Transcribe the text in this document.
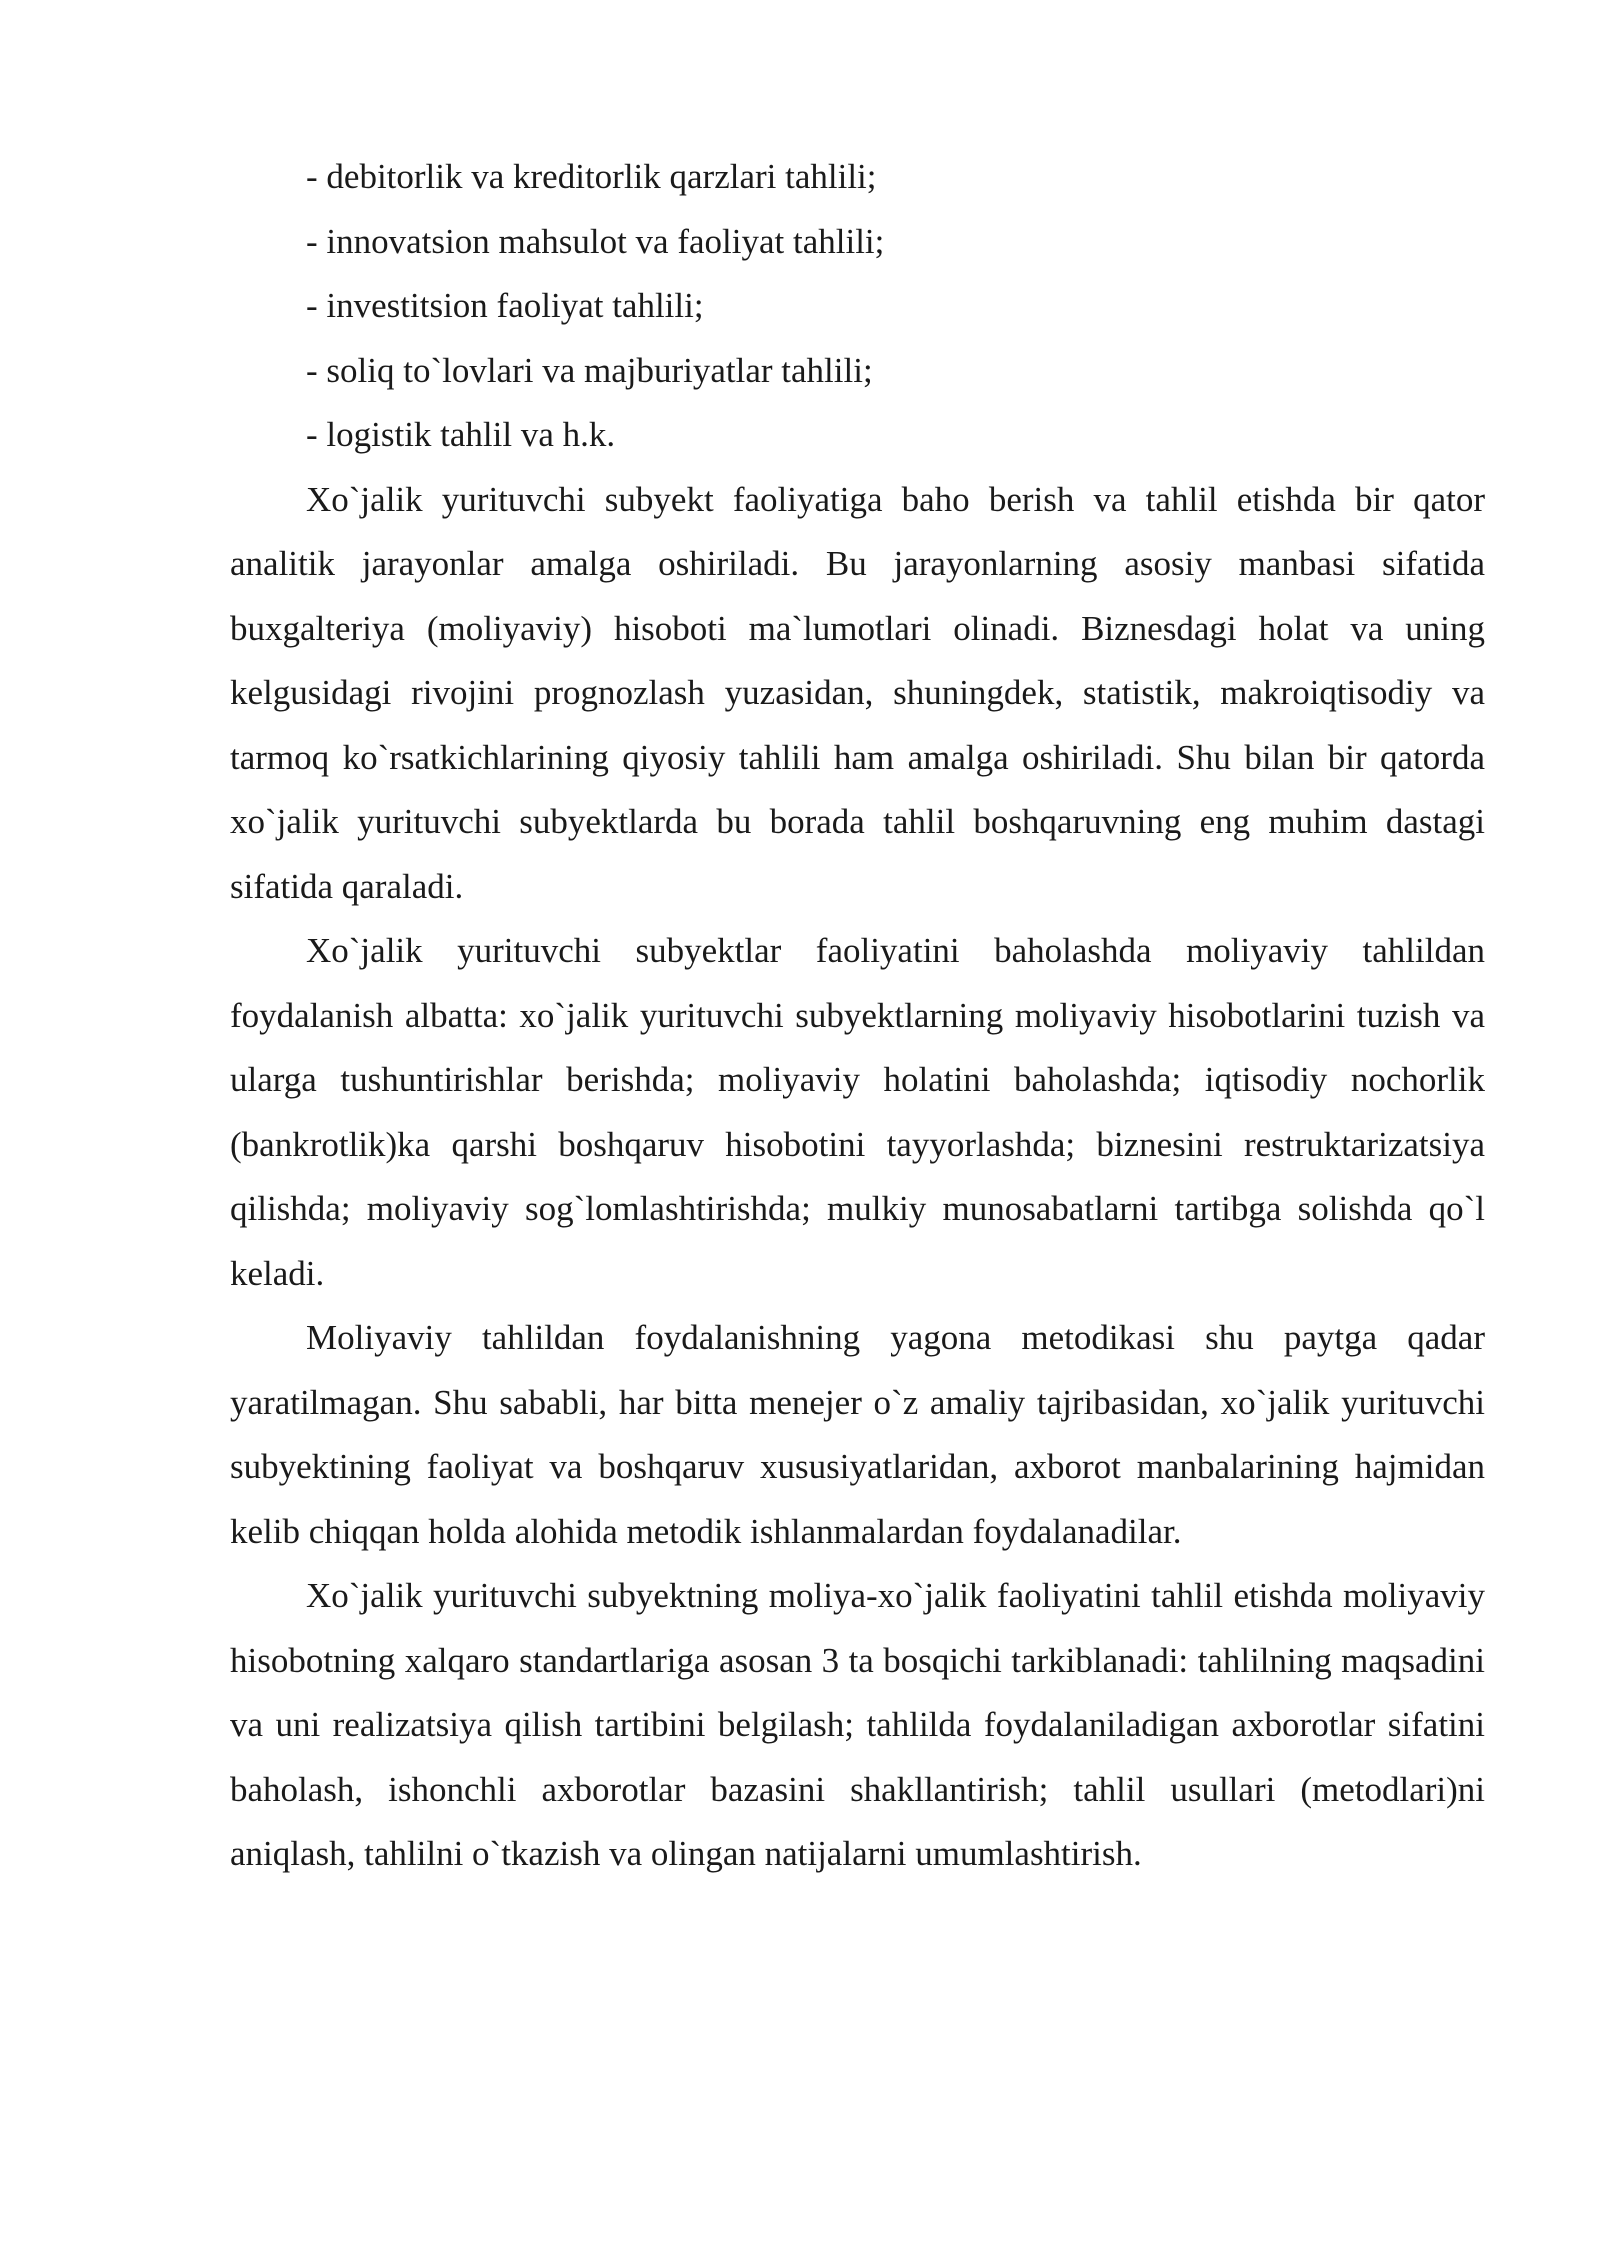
- debitorlik va kreditorlik qarzlari tahlili;

- innovatsion mahsulot va faoliyat tahlili;

- investitsion faoliyat tahlili;

- soliq to`lovlari va majburiyatlar tahlili;

- logistik tahlil va h.k.

Xo`jalik yurituvchi subyekt faoliyatiga baho berish va tahlil etishda bir qator analitik jarayonlar amalga oshiriladi. Bu jarayonlarning asosiy manbasi sifatida buxgalteriya (moliyaviy) hisoboti ma`lumotlari olinadi. Biznesdagi holat va uning kelgusidagi rivojini prognozlash yuzasidan, shuningdek, statistik, makroiqtisodiy va tarmoq ko`rsatkichlarining qiyosiy tahlili ham amalga oshiriladi. Shu bilan bir qatorda xo`jalik yurituvchi subyektlarda bu borada tahlil boshqaruvning eng muhim dastagi sifatida qaraladi.

Xo`jalik yurituvchi subyektlar faoliyatini baholashda moliyaviy tahlildan foydalanish albatta: xo`jalik yurituvchi subyektlarning moliyaviy hisobotlarini tuzish va ularga tushuntirishlar berishda; moliyaviy holatini baholashda; iqtisodiy nochorlik (bankrotlik)ka qarshi boshqaruv hisobotini tayyorlashda; biznesini restruktarizatsiya qilishda; moliyaviy sog`lomlashtirishda; mulkiy munosabatlarni tartibga solishda qo`l keladi.

Moliyaviy tahlildan foydalanishning yagona metodikasi shu paytga qadar yaratilmagan. Shu sababli, har bitta menejer o`z amaliy tajribasidan, xo`jalik yurituvchi subyektining faoliyat va boshqaruv xususiyatlaridan, axborot manbalarining hajmidan kelib chiqqan holda alohida metodik ishlanmalardan foydalanadilar.

Xo`jalik yurituvchi subyektning moliya-xo`jalik faoliyatini tahlil etishda moliyaviy hisobotning xalqaro standartlariga asosan 3 ta bosqichi tarkiblanadi: tahlilning maqsadini va uni realizatsiya qilish tartibini belgilash; tahlilda foydalaniladigan axborotlar sifatini baholash, ishonchli axborotlar bazasini shakllantirish; tahlil usullari (metodlari)ni aniqlash, tahlilni o`tkazish va olingan natijalarni umumlashtirish.
